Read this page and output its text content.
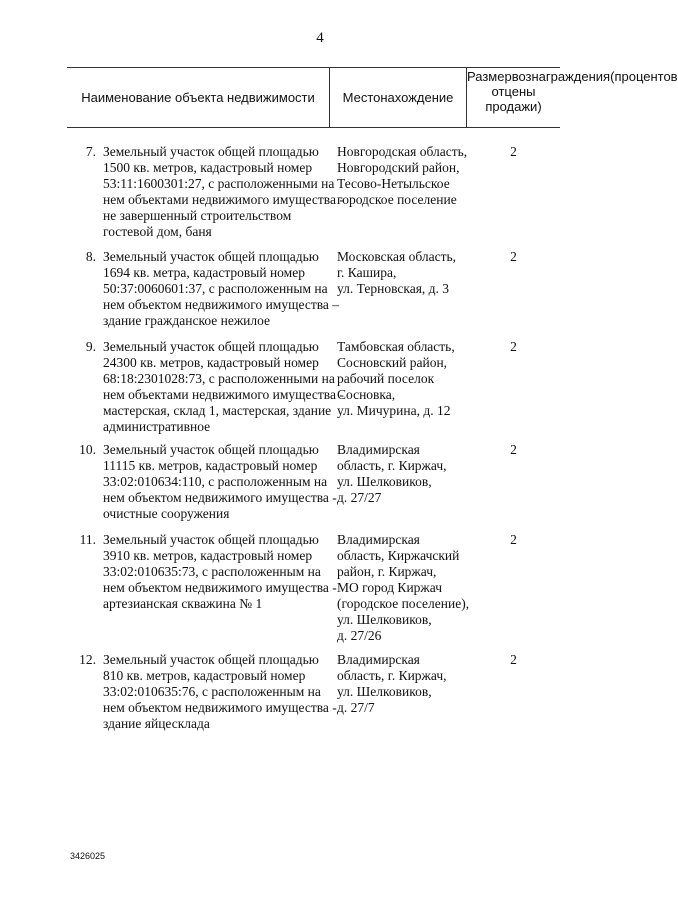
4
Наименование объекта недвижимости	Местонахождение
Размервознаграждения(процентов отцены продажи)
7. Земельный участок общей площадью
1500 кв. метров, кадастровый номер
53:11:1600301:27, с расположенными на
нем объектами недвижимого имущества -
не завершенный строительством
гостевой дом, баня
Новгородская область,
Новгородский район,
Тесово-Нетыльское
городское поселение
2
8. Земельный участок общей площадью
1694 кв. метра, кадастровый номер
50:37:0060601:37, с расположенным на
нем объектом недвижимого имущества –
здание гражданское нежилое
Московская область,
г. Кашира,
ул. Терновская, д. 3
2
9. Земельный участок общей площадью
24300 кв. метров, кадастровый номер
68:18:2301028:73, с расположенными на
нем объектами недвижимого имущества -
мастерская, склад 1, мастерская, здание
административное
Тамбовская область,
Сосновский район,
рабочий поселок
Сосновка,
ул. Мичурина, д. 12
2
10. Земельный участок общей площадью
11115 кв. метров, кадастровый номер
33:02:010634:110, с расположенным на
нем объектом недвижимого имущества -
очистные сооружения
Владимирская
область, г. Киржач,
ул. Шелковиков,
д. 27/27
2
11. Земельный участок общей площадью
3910 кв. метров, кадастровый номер
33:02:010635:73, с расположенным на
нем объектом недвижимого имущества -
артезианская скважина № 1
Владимирская
область, Киржачский
район, г. Киржач,
МО город Киржач
(городское поселение),
ул. Шелковиков,
д. 27/26
2
12. Земельный участок общей площадью
810 кв. метров, кадастровый номер
33:02:010635:76, с расположенным на
нем объектом недвижимого имущества -
здание яйцесклада
Владимирская
область, г. Киржач,
ул. Шелковиков,
д. 27/7
2
3426025
